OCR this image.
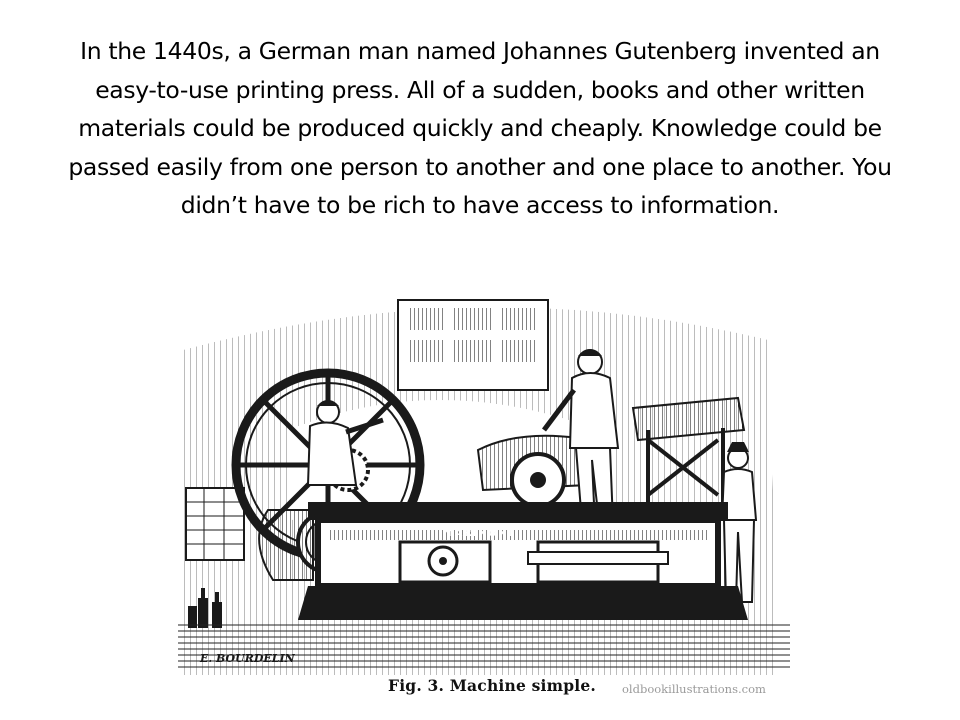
In the 1440s, a German man named Johannes Gutenberg invented an easy-to-use printing press. All of a sudden, books and other written materials could be produced quickly and cheaply. Knowledge could be passed easily from one person to another and one place to another. You didn’t have to be rich to have access to information.

MARINONI
E. BOURDELIN
Fig. 3. Machine simple. oldbookillustrations.com
